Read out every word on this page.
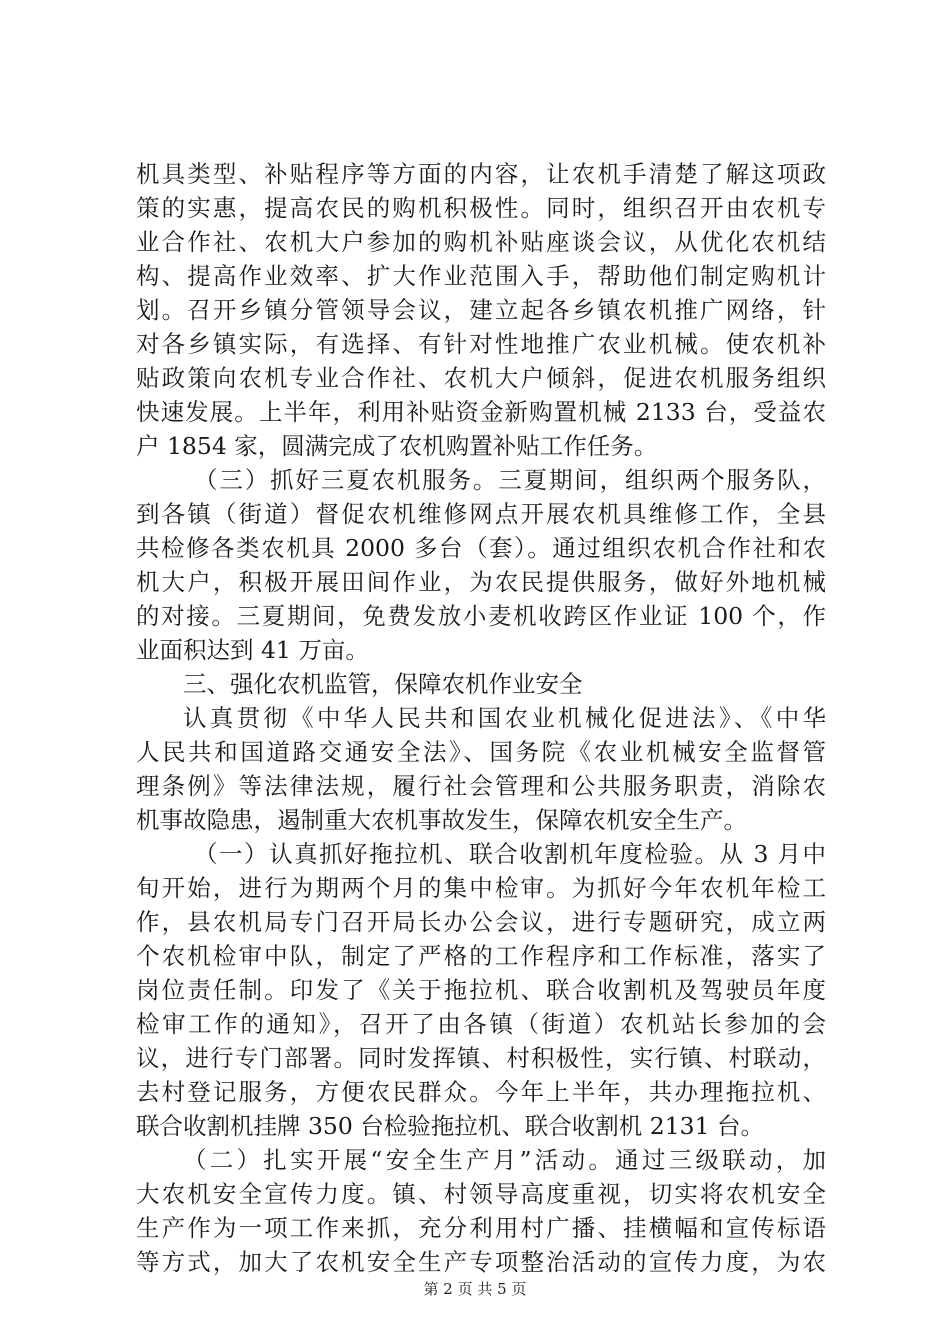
机具类型、补贴程序等方面的内容，让农机手清楚了解这项政
策的实惠，提高农民的购机积极性。同时，组织召开由农机专
业合作社、农机大户参加的购机补贴座谈会议，从优化农机结
构、提高作业效率、扩大作业范围入手，帮助他们制定购机计
划。召开乡镇分管领导会议，建立起各乡镇农机推广网络，针
对各乡镇实际，有选择、有针对性地推广农业机械。使农机补
贴政策向农机专业合作社、农机大户倾斜，促进农机服务组织
快速发展。上半年，利用补贴资金新购置机械 2133 台，受益农
户 1854 家，圆满完成了农机购置补贴工作任务。
（三）抓好三夏农机服务。三夏期间，组织两个服务队，
到各镇（街道）督促农机维修网点开展农机具维修工作，全县
共检修各类农机具 2000 多台（套）。通过组织农机合作社和农
机大户，积极开展田间作业，为农民提供服务，做好外地机械
的对接。三夏期间，免费发放小麦机收跨区作业证 100 个，作
业面积达到 41 万亩。
三、强化农机监管，保障农机作业安全
认真贯彻《中华人民共和国农业机械化促进法》、《中华
人民共和国道路交通安全法》、国务院《农业机械安全监督管
理条例》等法律法规，履行社会管理和公共服务职责，消除农
机事故隐患，遏制重大农机事故发生，保障农机安全生产。
（一）认真抓好拖拉机、联合收割机年度检验。从 3 月中
旬开始，进行为期两个月的集中检审。为抓好今年农机年检工
作，县农机局专门召开局长办公会议，进行专题研究，成立两
个农机检审中队，制定了严格的工作程序和工作标准，落实了
岗位责任制。印发了《关于拖拉机、联合收割机及驾驶员年度
检审工作的通知》，召开了由各镇（街道）农机站长参加的会
议，进行专门部署。同时发挥镇、村积极性，实行镇、村联动，
去村登记服务，方便农民群众。今年上半年，共办理拖拉机、
联合收割机挂牌 350 台检验拖拉机、联合收割机 2131 台。
（二）扎实开展“安全生产月”活动。通过三级联动，加
大农机安全宣传力度。镇、村领导高度重视，切实将农机安全
生产作为一项工作来抓，充分利用村广播、挂横幅和宣传标语
等方式，加大了农机安全生产专项整治活动的宣传力度，为农
第 2 页 共 5 页
